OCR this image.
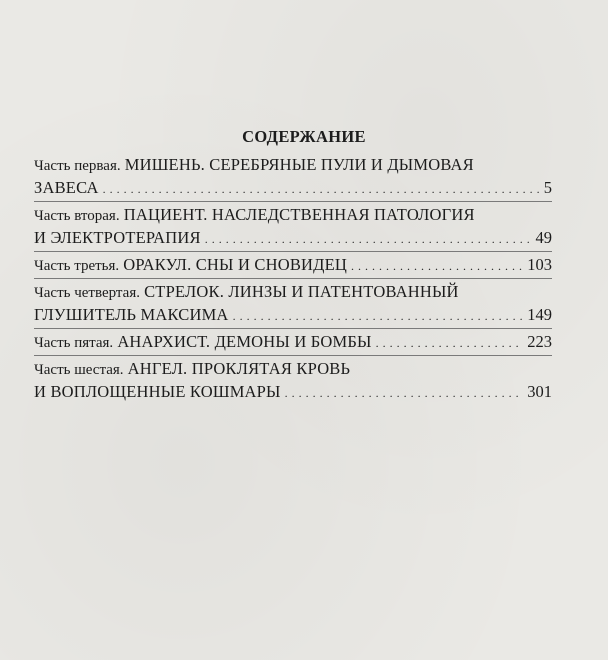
СОДЕРЖАНИЕ
Часть первая. МИШЕНЬ. СЕРЕБРЯНЫЕ ПУЛИ И ДЫМОВАЯ
ЗАВЕСА . . .	5
Часть вторая. ПАЦИЕНТ. НАСЛЕДСТВЕННАЯ ПАТОЛОГИЯ
И ЭЛЕКТРОТЕРАПИЯ . . .	49
Часть третья. ОРАКУЛ. СНЫ И СНОВИДЕЦ . . .	103
Часть четвертая. СТРЕЛОК. ЛИНЗЫ И ПАТЕНТОВАННЫЙ
ГЛУШИТЕЛЬ МАКСИМА . . .	149
Часть пятая. АНАРХИСТ. ДЕМОНЫ И БОМБЫ . . .	223
Часть шестая. АНГЕЛ. ПРОКЛЯТАЯ КРОВЬ
И ВОПЛОЩЕННЫЕ КОШМАРЫ . . .	301
